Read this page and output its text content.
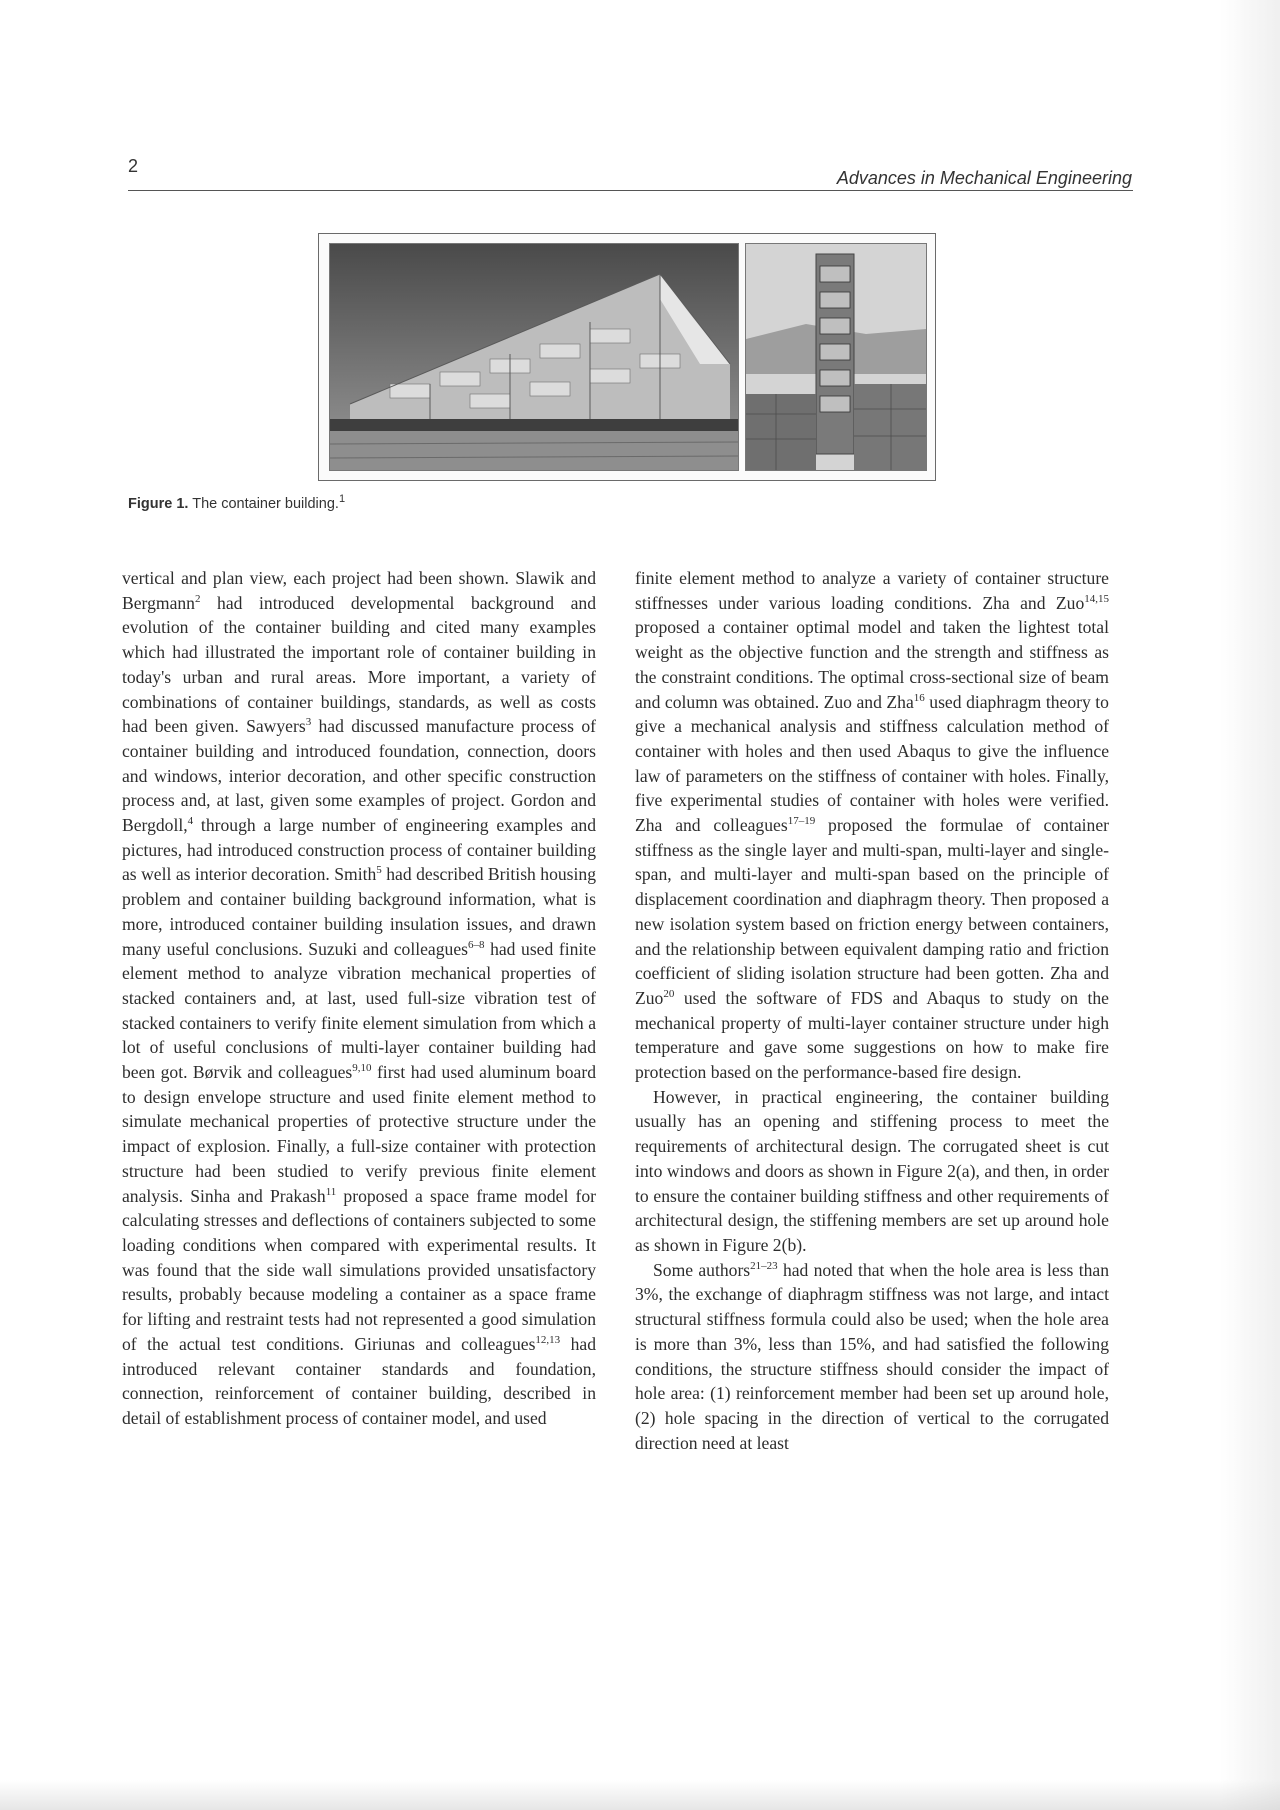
2
Advances in Mechanical Engineering
Figure 1. The container building.$^1$

vertical and plan view, each project had been shown. Slawik and Bergmann$^2$ had introduced developmental background and evolution of the container building and cited many examples which had illustrated the important role of container building in today's urban and rural areas. More important, a variety of combinations of container buildings, standards, as well as costs had been given. Sawyers$^3$ had discussed manufacture process of container building and introduced foundation, connection, doors and windows, interior decoration, and other specific construction process and, at last, given some examples of project. Gordon and Bergdoll,$^4$ through a large number of engineering examples and pictures, had introduced construction process of container building as well as interior decoration. Smith$^5$ had described British housing problem and container building background information, what is more, introduced container building insulation issues, and drawn many useful conclusions. Suzuki and colleagues$^{6-8}$ had used finite element method to analyze vibration mechanical properties of stacked containers and, at last, used full-size vibration test of stacked containers to verify finite element simulation from which a lot of useful conclusions of multi-layer container building had been got. Børvik and colleagues$^{9,10}$ first had used aluminum board to design envelope structure and used finite element method to simulate mechanical properties of protective structure under the impact of explosion. Finally, a full-size container with protection structure had been studied to verify previous finite element analysis. Sinha and Prakash$^{11}$ proposed a space frame model for calculating stresses and deflections of containers subjected to some loading conditions when compared with experimental results. It was found that the side wall simulations provided unsatisfactory results, probably because modeling a container as a space frame for lifting and restraint tests had not represented a good simulation of the actual test conditions. Giriunas and colleagues$^{12,13}$ had introduced relevant container standards and foundation, connection, reinforcement of container building, described in detail of establishment process of container model, and used

finite element method to analyze a variety of container structure stiffnesses under various loading conditions. Zha and Zuo$^{14,15}$ proposed a container optimal model and taken the lightest total weight as the objective function and the strength and stiffness as the constraint conditions. The optimal cross-sectional size of beam and column was obtained. Zuo and Zha$^{16}$ used diaphragm theory to give a mechanical analysis and stiffness calculation method of container with holes and then used Abaqus to give the influence law of parameters on the stiffness of container with holes. Finally, five experimental studies of container with holes were verified. Zha and colleagues$^{17-19}$ proposed the formulae of container stiffness as the single layer and multi-span, multi-layer and single-span, and multi-layer and multi-span based on the principle of displacement coordination and diaphragm theory. Then proposed a new isolation system based on friction energy between containers, and the relationship between equivalent damping ratio and friction coefficient of sliding isolation structure had been gotten. Zha and Zuo$^{20}$ used the software of FDS and Abaqus to study on the mechanical property of multi-layer container structure under high temperature and gave some suggestions on how to make fire protection based on the performance-based fire design.

However, in practical engineering, the container building usually has an opening and stiffening process to meet the requirements of architectural design. The corrugated sheet is cut into windows and doors as shown in Figure 2(a), and then, in order to ensure the container building stiffness and other requirements of architectural design, the stiffening members are set up around hole as shown in Figure 2(b).

Some authors$^{21-23}$ had noted that when the hole area is less than 3%, the exchange of diaphragm stiffness was not large, and intact structural stiffness formula could also be used; when the hole area is more than 3%, less than 15%, and had satisfied the following conditions, the structure stiffness should consider the impact of hole area: (1) reinforcement member had been set up around hole, (2) hole spacing in the direction of vertical to the corrugated direction need at least
